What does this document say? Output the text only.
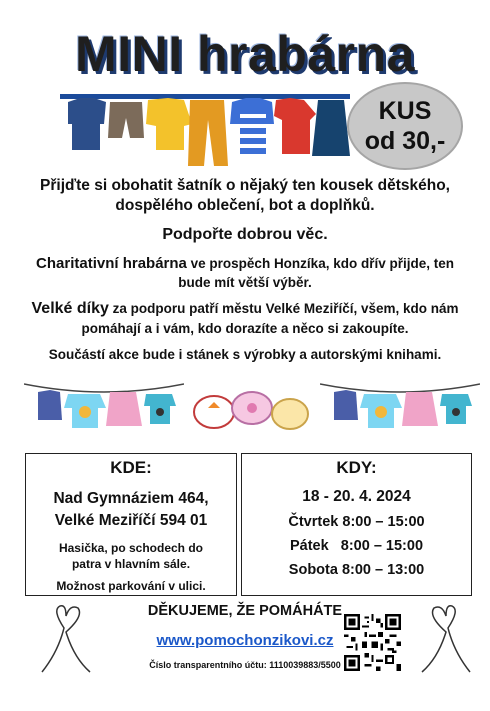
MINI hrabárna
KUS
od 30,-
Přijďte si obohatit šatník o nějaký ten kousek dětského, dospělého oblečení, bot a doplňků.
Podpořte dobrou věc.
Charitativní hrabárna ve prospěch Honzíka, kdo dřív přijde, ten bude mít větší výběr.
Velké díky za podporu patří městu Velké Meziříčí, všem, kdo nám pomáhají a i vám, kdo dorazíte a něco si zakoupíte.
Součástí akce bude i stánek s výrobky a autorskými knihami.
KDE:
Nad Gymnáziem 464,
Velké Meziříčí 594 01
Hasička, po schodech do patra v hlavním sále.
Možnost parkování v ulici.
KDY:
18 - 20. 4. 2024
Čtvrtek 8:00 – 15:00
Pátek 8:00 – 15:00
Sobota 8:00 – 13:00
DĚKUJEME, ŽE POMÁHÁTE
www.pomochonzikovi.cz
Číslo transparentního účtu: 1110039883/5500
